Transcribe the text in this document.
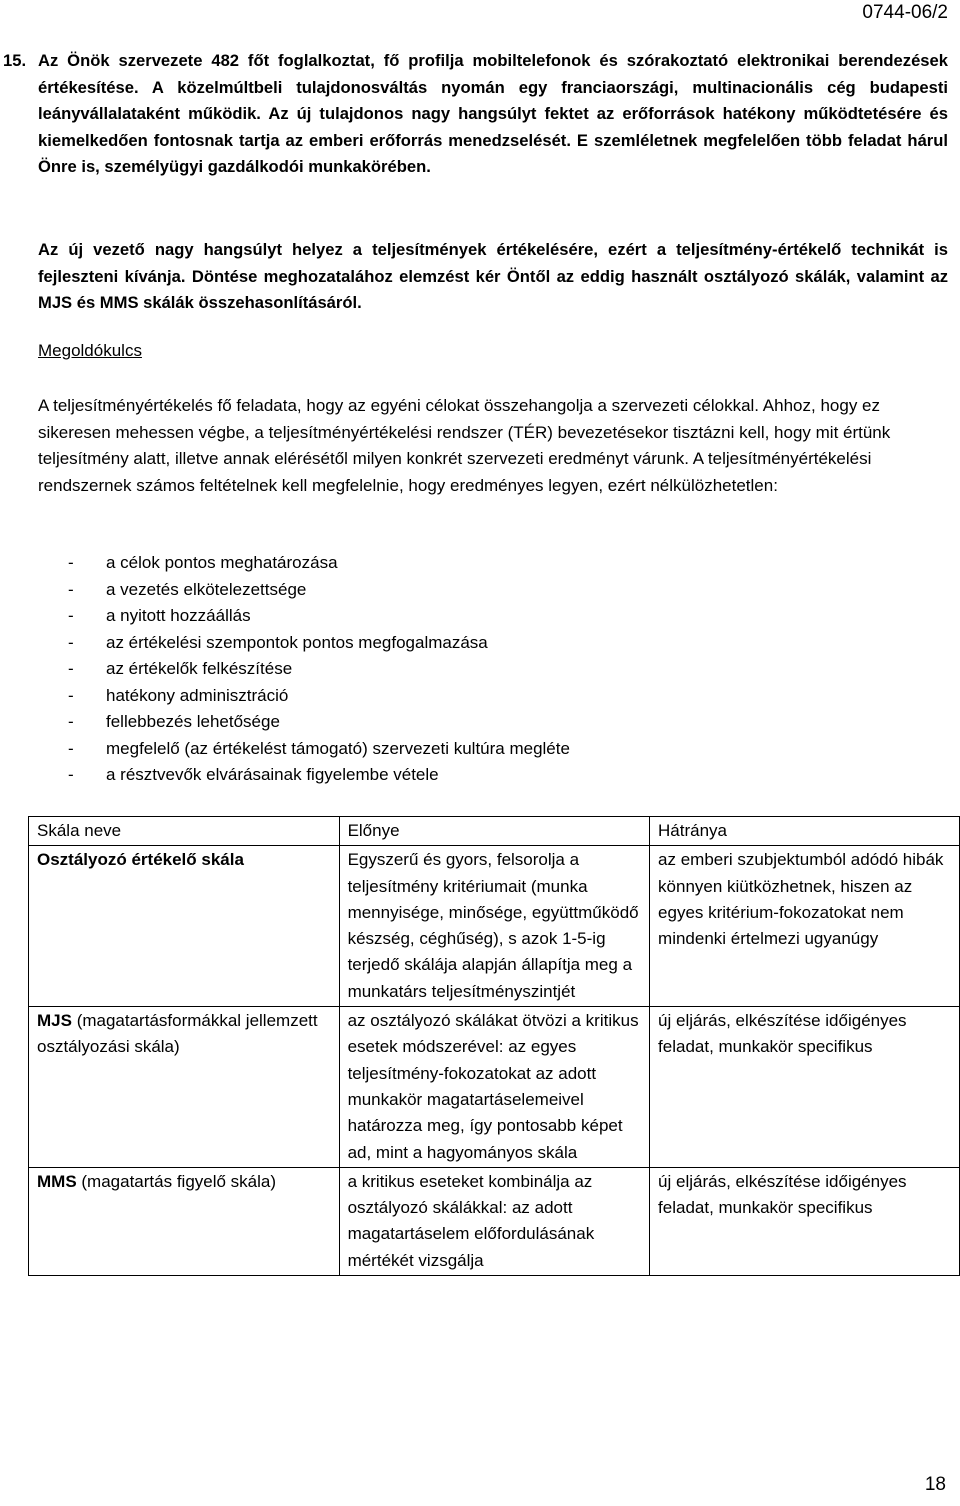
0744-06/2
15. Az Önök szervezete 482 főt foglalkoztat, fő profilja mobiltelefonok és szórakoztató elektronikai berendezések értékesítése. A közelmúltbeli tulajdonosváltás nyomán egy franciaországi, multinacionális cég budapesti leányvállalataként működik. Az új tulajdonos nagy hangsúlyt fektet az erőforrások hatékony működtetésére és kiemelkedően fontosnak tartja az emberi erőforrás menedzselését. E szemléletnek megfelelően több feladat hárul Önre is, személyügyi gazdálkodói munkakörében.
Az új vezető nagy hangsúlyt helyez a teljesítmények értékelésére, ezért a teljesítmény-értékelő technikát is fejleszteni kívánja. Döntése meghozatalához elemzést kér Öntől az eddig használt osztályozó skálák, valamint az MJS és MMS skálák összehasonlításáról.
Megoldókulcs
A teljesítményértékelés fő feladata, hogy az egyéni célokat összehangolja a szervezeti célokkal. Ahhoz, hogy ez sikeresen mehessen végbe, a teljesítményértékelési rendszer (TÉR) bevezetésekor tisztázni kell, hogy mit értünk teljesítmény alatt, illetve annak elérésétől milyen konkrét szervezeti eredményt várunk. A teljesítményértékelési rendszernek számos feltételnek kell megfelelnie, hogy eredményes legyen, ezért nélkülözhetetlen:
- a célok pontos meghatározása
- a vezetés elkötelezettsége
- a nyitott hozzáállás
- az értékelési szempontok pontos megfogalmazása
- az értékelők felkészítése
- hatékony adminisztráció
- fellebbezés lehetősége
- megfelelő (az értékelést támogató) szervezeti kultúra megléte
- a résztvevők elvárásainak figyelembe vétele
Skála neve	Előnye	Hátránya
Osztályozó értékelő skála	Egyszerű és gyors, felsorolja a teljesítmény kritériumait (munka mennyisége, minősége, együttműködő készség, céghűség), s azok 1-5-ig terjedő skálája alapján állapítja meg a munkatárs teljesítményszintjét	az emberi szubjektumból adódó hibák könnyen kiütközhetnek, hiszen az egyes kritérium-fokozatokat nem mindenki értelmezi ugyanúgy
MJS (magatartásformákkal jellemzett osztályozási skála)	az osztályozó skálákat ötvözi a kritikus esetek módszerével: az egyes teljesítmény-fokozatokat az adott munkakör magatartáselemeivel határozza meg, így pontosabb képet ad, mint a hagyományos skála	új eljárás, elkészítése időigényes feladat, munkakör specifikus
MMS (magatartás figyelő skála)	a kritikus eseteket kombinálja az osztályozó skálákkal: az adott magatartáselem előfordulásának mértékét vizsgálja	új eljárás, elkészítése időigényes feladat, munkakör specifikus
18
